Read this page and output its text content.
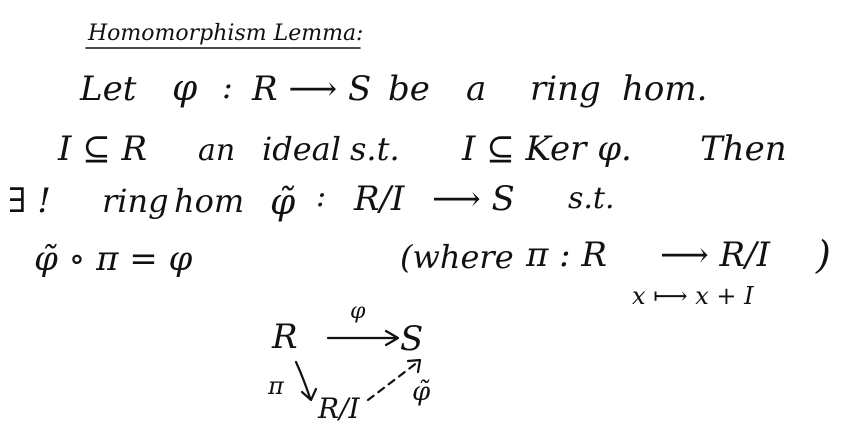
Homomorphism Lemma:
Let φ : R ⟶ S be a ring hom.
I ⊆ R an ideal s.t. I ⊆ Ker φ. Then
∃ ! ring hom φ̃ : R/I ⟶ S s.t.
φ̃ ∘ π = φ	(where π : R ⟶ R/I )
x ⟼ x + I
R	S
R/I
φ
π	φ̃
